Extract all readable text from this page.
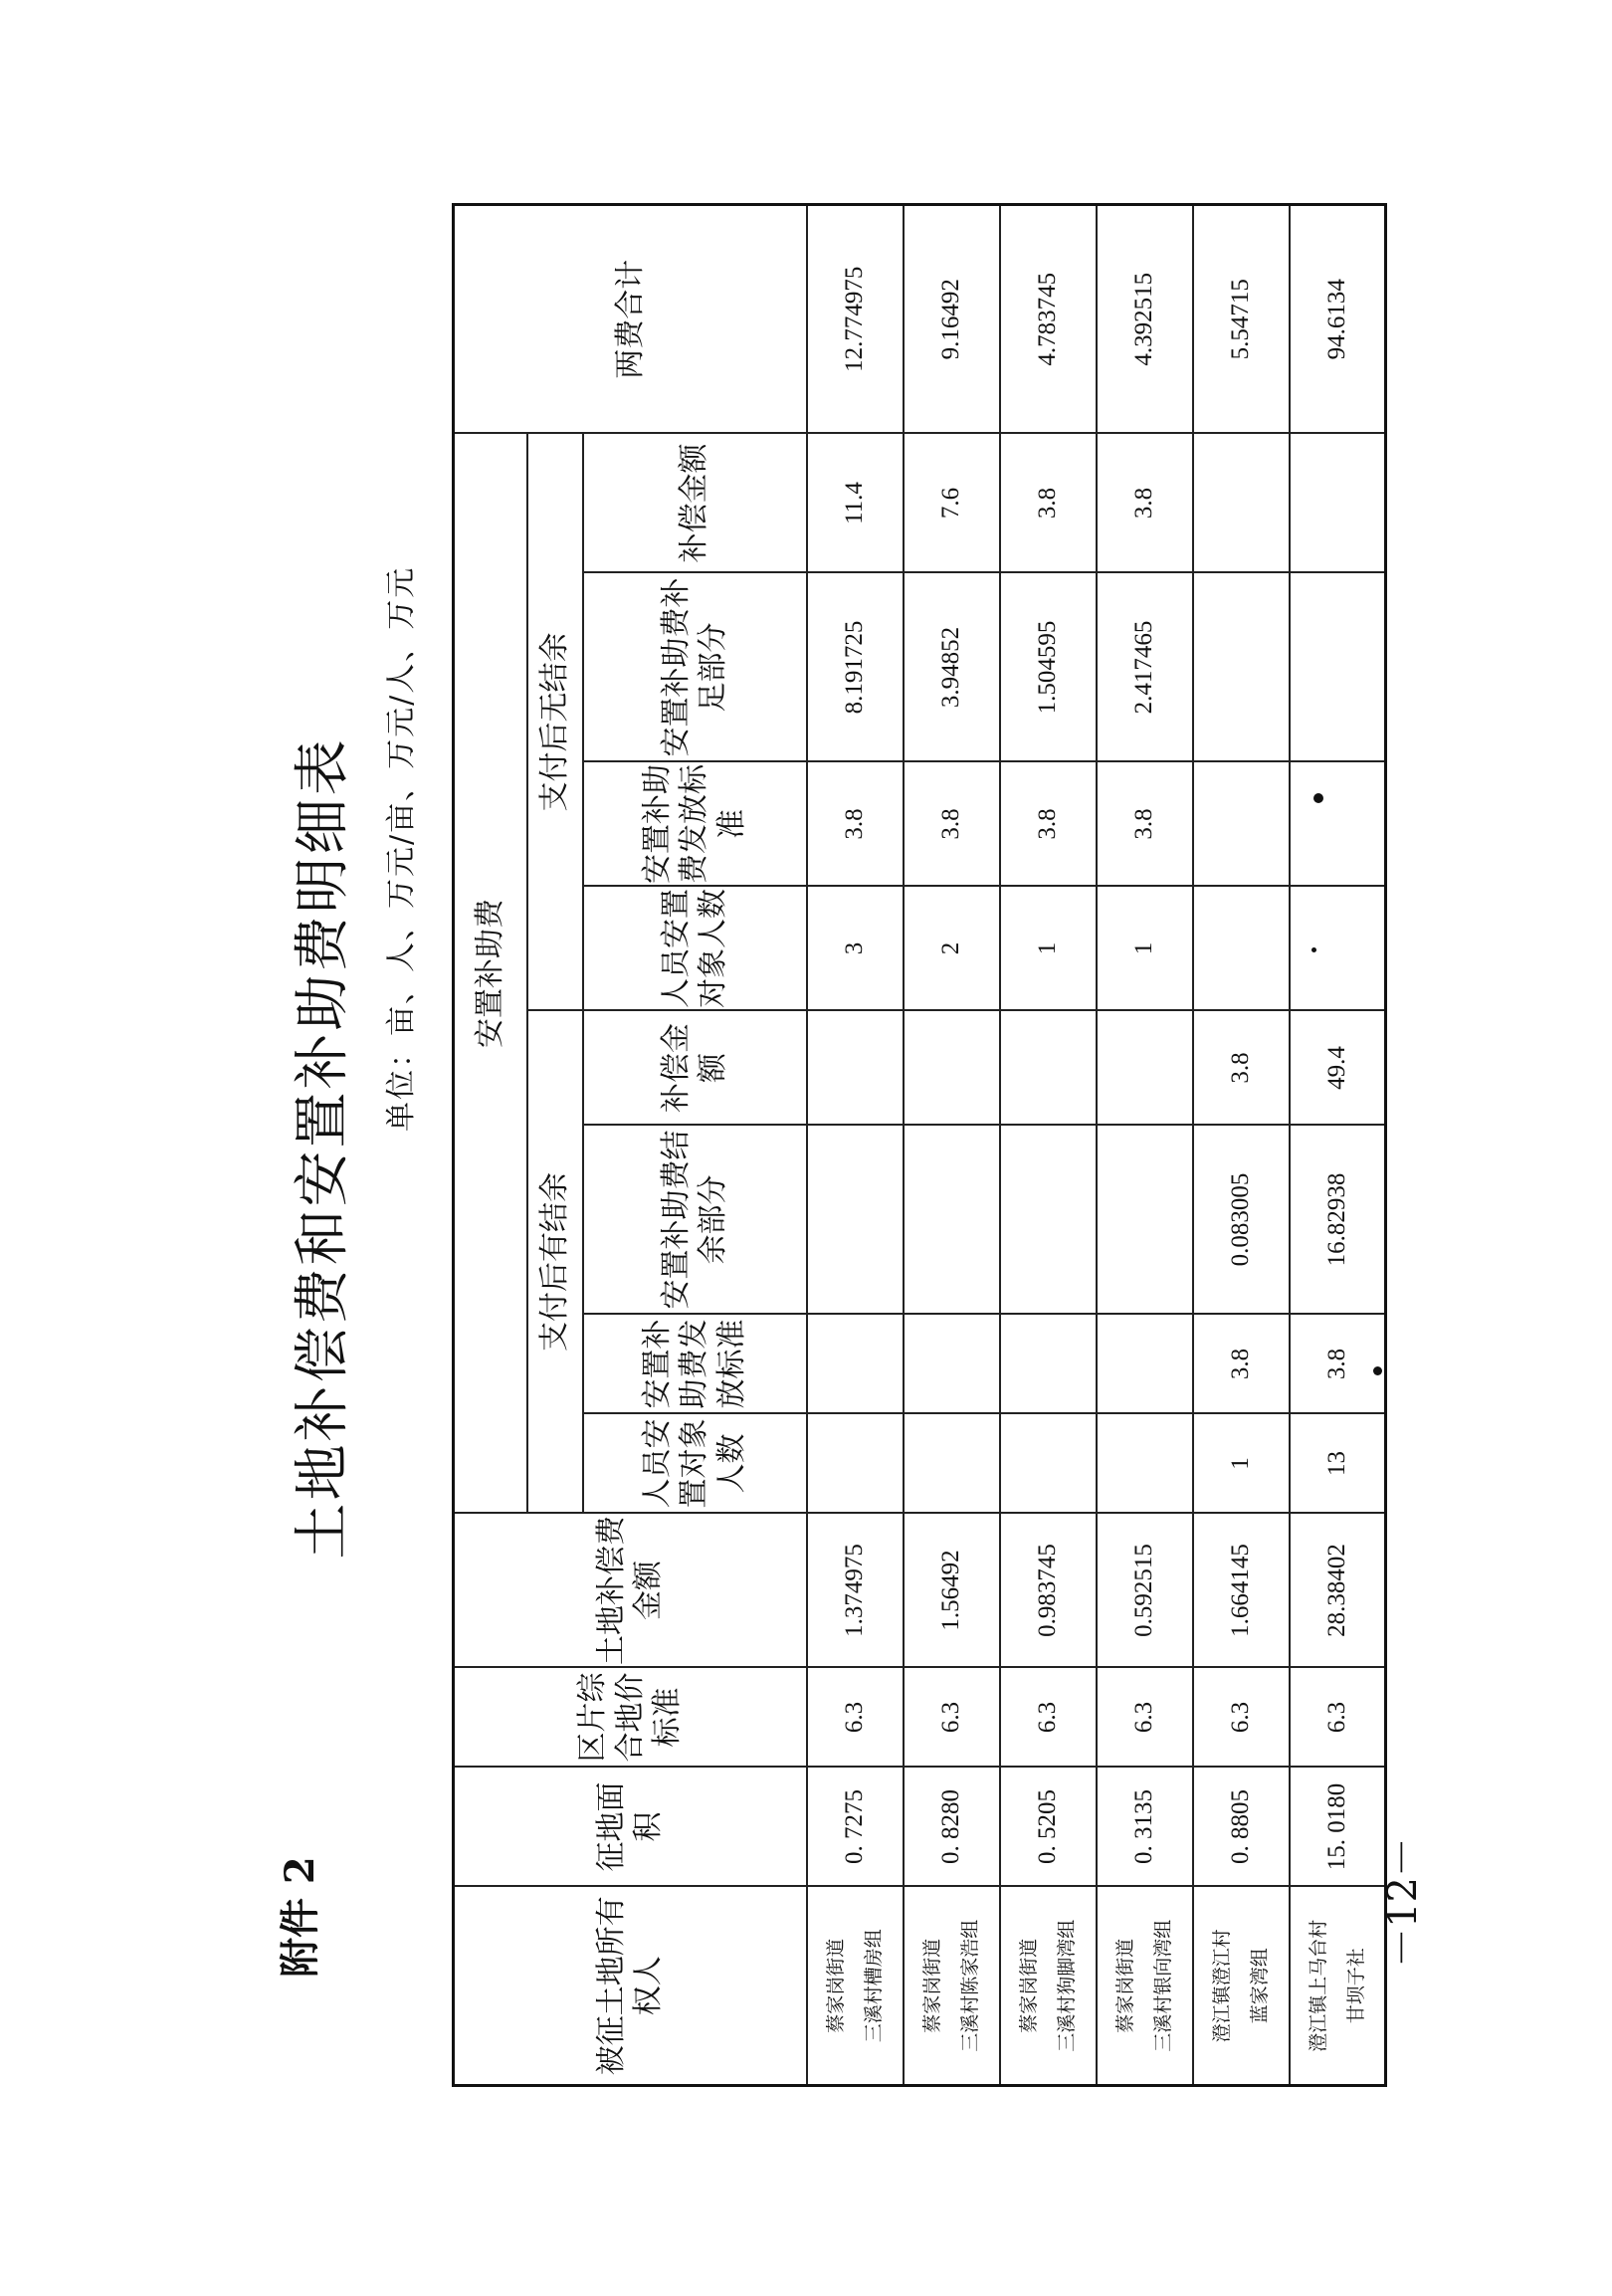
附件 2
土地补偿费和安置补助费明细表 单位：亩、人、万元/亩、万元/人、万元
被征土地所有权人	征地面积	区片综合地价标准	土地补偿费金额	安置补助费								两费合计
				支付后有结余				支付后无结余				
				人员安置对象人数	安置补助费发放标准	安置补助费结余部分	补偿金额	人员安置对象人数	安置补助费发放标准	安置补助费补足部分	补偿金额	

蔡家岗街道 三溪村槽房组	0. 7275	6.3	1.374975					3	3.8	8.191725	11.4	12.774975

蔡家岗街道 三溪村陈家浩组	0. 8280	6.3	1.56492					2	3.8	3.94852	7.6	9.16492

蔡家岗街道 三溪村狗脚湾组	0. 5205	6.3	0.983745					1	3.8	1.504595	3.8	4.783745

蔡家岗街道 三溪村银向湾组	0. 3135	6.3	0.592515					1	3.8	2.417465	3.8	4.392515

澄江镇澄江村 蓝家湾组	0. 8805	6.3	1.664145	1	3.8	0.083005	3.8					5.54715

澄江镇上马台村 甘坝子社	15. 0180	6.3	28.38402	13	3.8	16.82938	49.4					94.6134

－12－
